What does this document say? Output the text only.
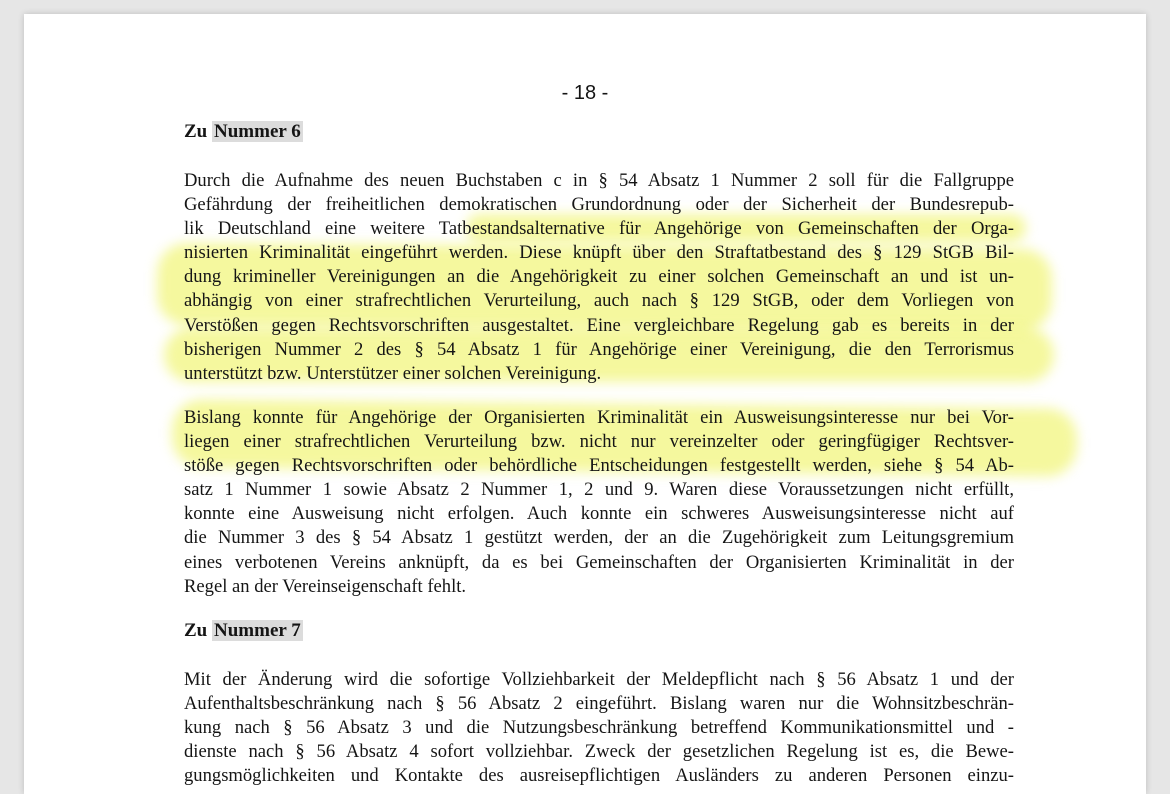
- 18 -
Zu Nummer 6
Durch die Aufnahme des neuen Buchstaben c in § 54 Absatz 1 Nummer 2 soll für die Fallgruppe
Gefährdung der freiheitlichen demokratischen Grundordnung oder der Sicherheit der Bundesrepub-
lik Deutschland eine weitere Tatbestandsalternative für Angehörige von Gemeinschaften der Orga-
nisierten Kriminalität eingeführt werden. Diese knüpft über den Straftatbestand des § 129 StGB Bil-
dung krimineller Vereinigungen an die Angehörigkeit zu einer solchen Gemeinschaft an und ist un-
abhängig von einer strafrechtlichen Verurteilung, auch nach § 129 StGB, oder dem Vorliegen von
Verstößen gegen Rechtsvorschriften ausgestaltet. Eine vergleichbare Regelung gab es bereits in der
bisherigen Nummer 2 des § 54 Absatz 1 für Angehörige einer Vereinigung, die den Terrorismus
unterstützt bzw. Unterstützer einer solchen Vereinigung.
Bislang konnte für Angehörige der Organisierten Kriminalität ein Ausweisungsinteresse nur bei Vor-
liegen einer strafrechtlichen Verurteilung bzw. nicht nur vereinzelter oder geringfügiger Rechtsver-
stöße gegen Rechtsvorschriften oder behördliche Entscheidungen festgestellt werden, siehe § 54 Ab-
satz 1 Nummer 1 sowie Absatz 2 Nummer 1, 2 und 9. Waren diese Voraussetzungen nicht erfüllt,
konnte eine Ausweisung nicht erfolgen. Auch konnte ein schweres Ausweisungsinteresse nicht auf
die Nummer 3 des § 54 Absatz 1 gestützt werden, der an die Zugehörigkeit zum Leitungsgremium
eines verbotenen Vereins anknüpft, da es bei Gemeinschaften der Organisierten Kriminalität in der
Regel an der Vereinseigenschaft fehlt.
Zu Nummer 7
Mit der Änderung wird die sofortige Vollziehbarkeit der Meldepflicht nach § 56 Absatz 1 und der
Aufenthaltsbeschränkung nach § 56 Absatz 2 eingeführt. Bislang waren nur die Wohnsitzbeschrän-
kung nach § 56 Absatz 3 und die Nutzungsbeschränkung betreffend Kommunikationsmittel und -
dienste nach § 56 Absatz 4 sofort vollziehbar. Zweck der gesetzlichen Regelung ist es, die Bewe-
gungsmöglichkeiten und Kontakte des ausreisepflichtigen Ausländers zu anderen Personen einzu-
